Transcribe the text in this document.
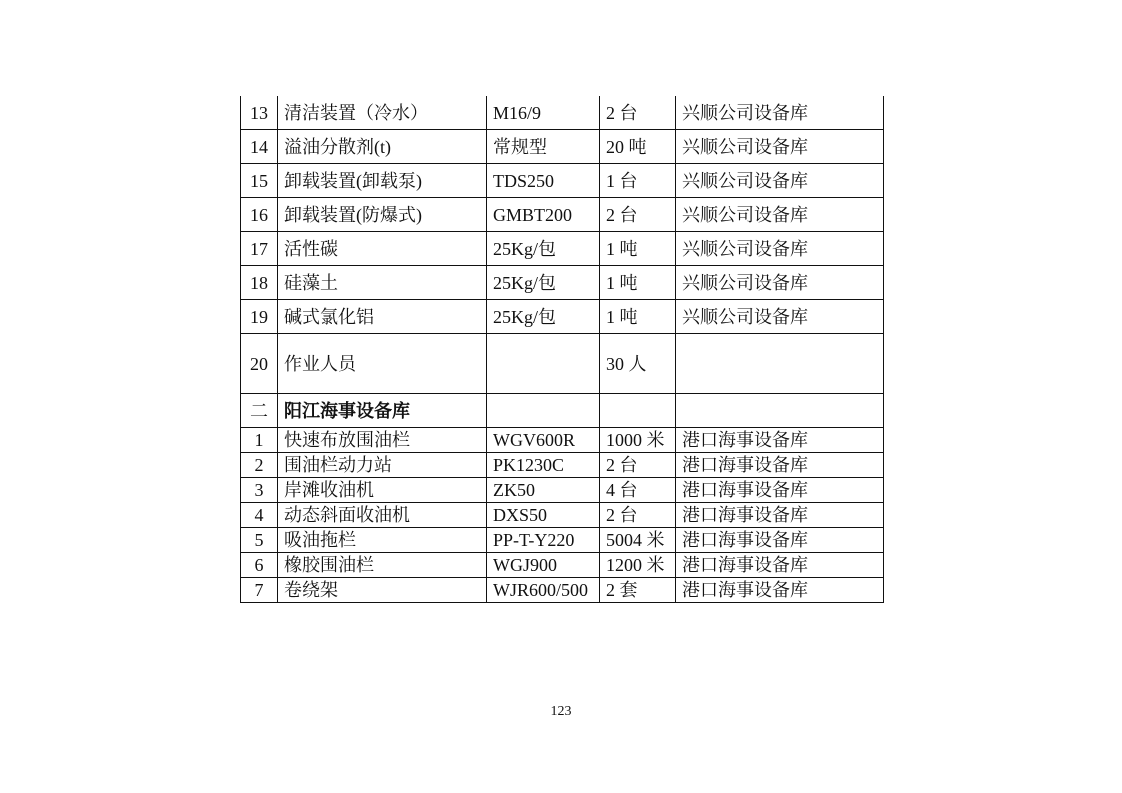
13	清洁装置（冷水）	M16/9	2 台	兴顺公司设备库
14	溢油分散剂(t)	常规型	20 吨	兴顺公司设备库
15	卸载装置(卸载泵)	TDS250	1 台	兴顺公司设备库
16	卸载装置(防爆式)	GMBT200	2 台	兴顺公司设备库
17	活性碳	25Kg/包	1 吨	兴顺公司设备库
18	硅藻土	25Kg/包	1 吨	兴顺公司设备库
19	碱式氯化铝	25Kg/包	1 吨	兴顺公司设备库
20	作业人员		30 人	
二	阳江海事设备库			
1	快速布放围油栏	WGV600R	1000 米	港口海事设备库
2	围油栏动力站	PK1230C	2 台	港口海事设备库
3	岸滩收油机	ZK50	4 台	港口海事设备库
4	动态斜面收油机	DXS50	2 台	港口海事设备库
5	吸油拖栏	PP-T-Y220	5004 米	港口海事设备库
6	橡胶围油栏	WGJ900	1200 米	港口海事设备库
7	卷绕架	WJR600/500	2 套	港口海事设备库
123
